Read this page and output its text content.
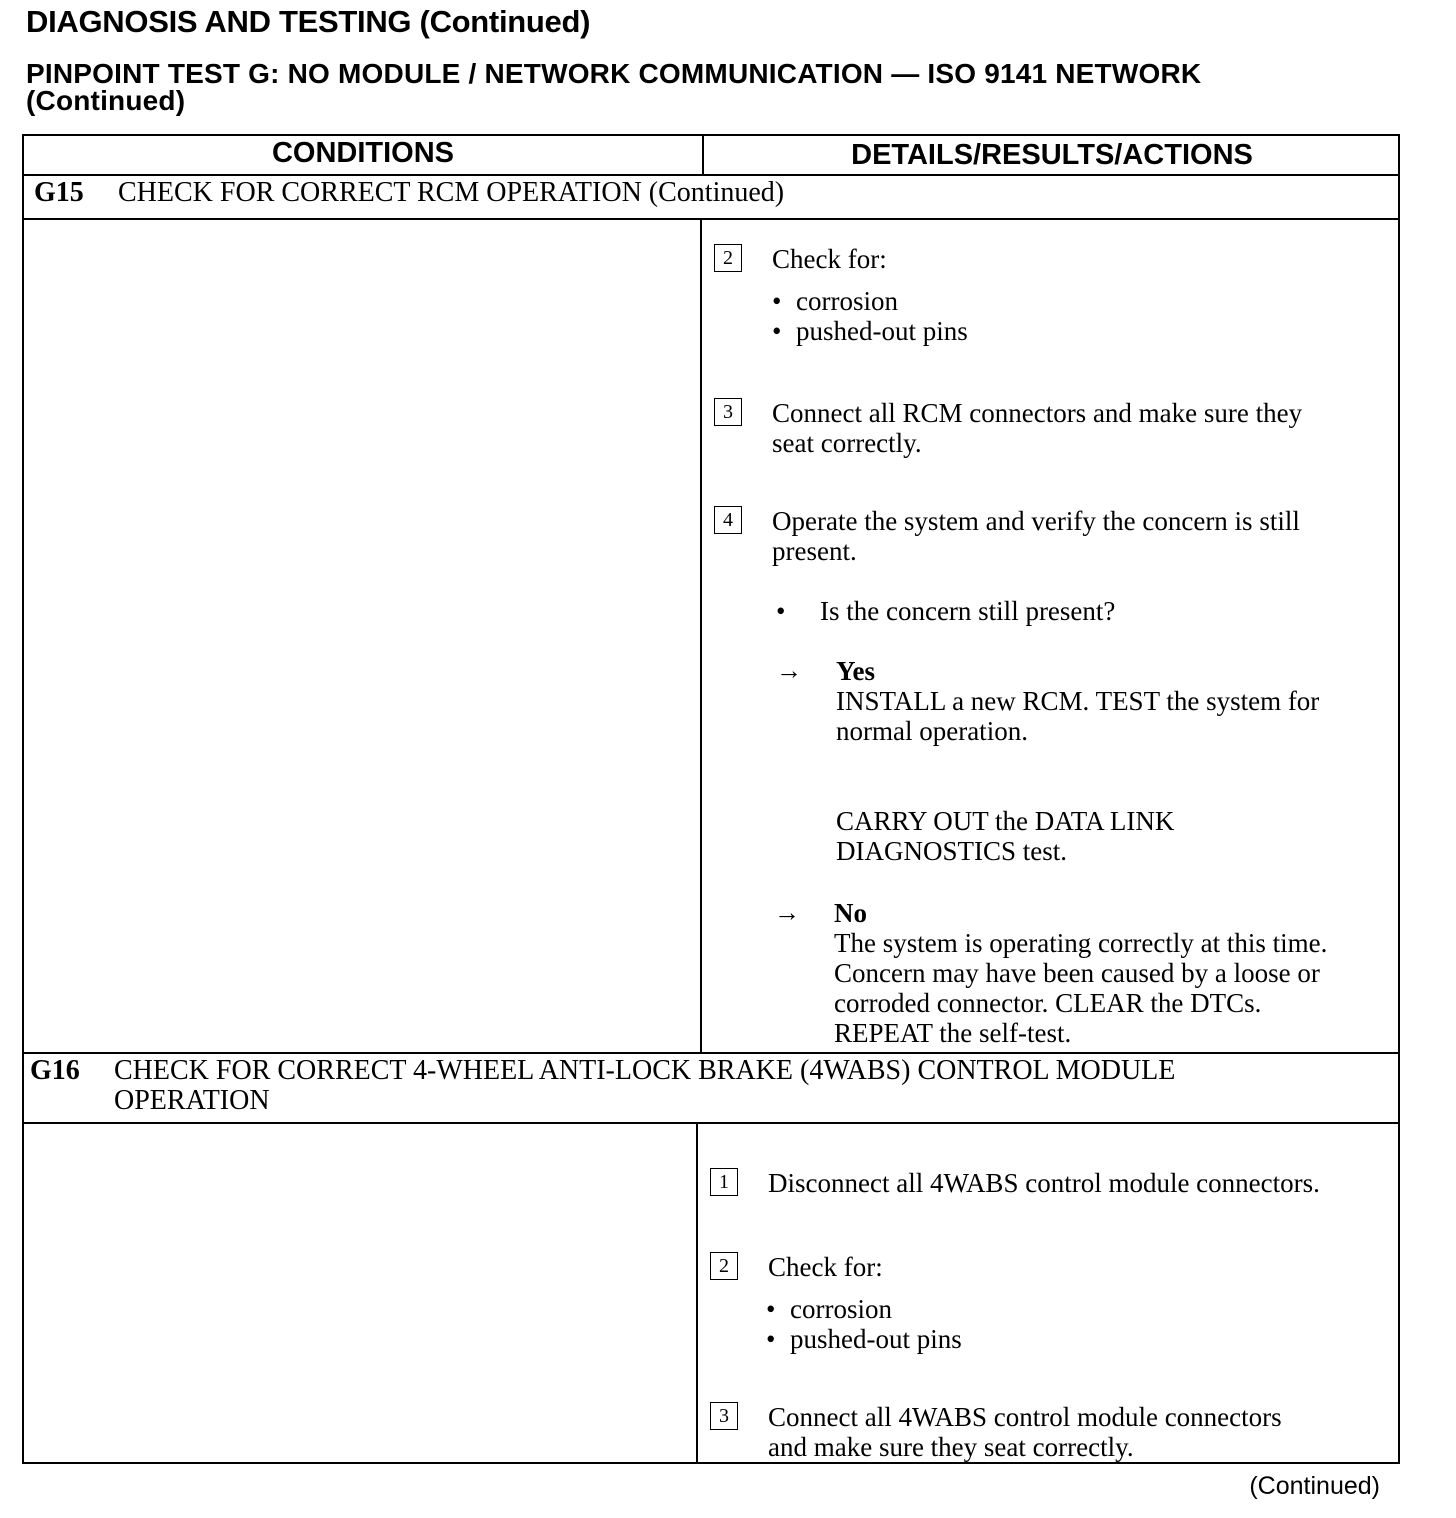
DIAGNOSIS AND TESTING (Continued)
PINPOINT TEST G: NO MODULE / NETWORK COMMUNICATION — ISO 9141 NETWORK
(Continued)
CONDITIONS	DETAILS/RESULTS/ACTIONS
G15 CHECK FOR CORRECT RCM OPERATION (Continued)
2	Check for:
• corrosion
• pushed-out pins
3	Connect all RCM connectors and make sure they
seat correctly.
4	Operate the system and verify the concern is still
present.
• Is the concern still present?
→ Yes
INSTALL a new RCM. TEST the system for
normal operation.
CARRY OUT the DATA LINK
DIAGNOSTICS test.
→ No
The system is operating correctly at this time.
Concern may have been caused by a loose or
corroded connector. CLEAR the DTCs.
REPEAT the self-test.
G16 CHECK FOR CORRECT 4-WHEEL ANTI-LOCK BRAKE (4WABS) CONTROL MODULE
OPERATION
1	Disconnect all 4WABS control module connectors.
2	Check for:
• corrosion
• pushed-out pins
3	Connect all 4WABS control module connectors
and make sure they seat correctly.
(Continued)
